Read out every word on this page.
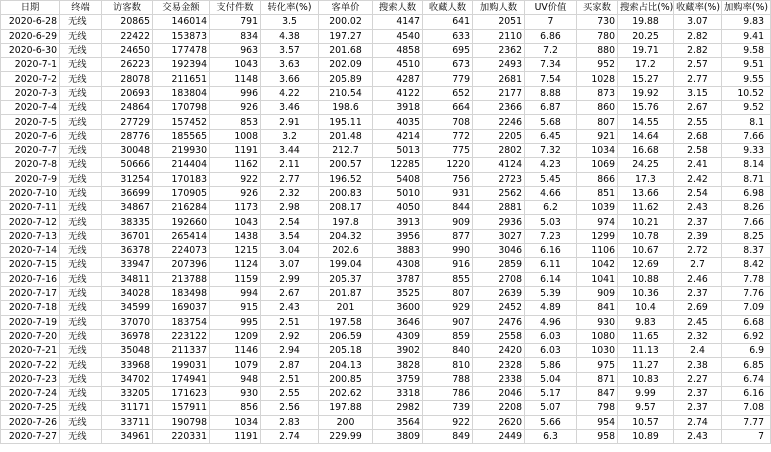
日期	终端	访客数	交易金额	支付件数	转化率(%)	客单价	搜索人数	收藏人数	加购人数	UV价值	买家数	搜索占比(%)	收藏率(%)	加购率(%)
2020-6-28	无线	20865	146014	791	3.5	200.02	4147	641	2051	7	730	19.88	3.07	9.83
2020-6-29	无线	22422	153873	834	4.38	197.27	4540	633	2110	6.86	780	20.25	2.82	9.41
2020-6-30	无线	24650	177478	963	3.57	201.68	4858	695	2362	7.2	880	19.71	2.82	9.58
2020-7-1	无线	26223	192394	1043	3.63	202.09	4510	673	2493	7.34	952	17.2	2.57	9.51
2020-7-2	无线	28078	211651	1148	3.66	205.89	4287	779	2681	7.54	1028	15.27	2.77	9.55
2020-7-3	无线	20693	183804	996	4.22	210.54	4122	652	2177	8.88	873	19.92	3.15	10.52
2020-7-4	无线	24864	170798	926	3.46	198.6	3918	664	2366	6.87	860	15.76	2.67	9.52
2020-7-5	无线	27729	157452	853	2.91	195.11	4035	708	2246	5.68	807	14.55	2.55	8.1
2020-7-6	无线	28776	185565	1008	3.2	201.48	4214	772	2205	6.45	921	14.64	2.68	7.66
2020-7-7	无线	30048	219930	1191	3.44	212.7	5013	775	2802	7.32	1034	16.68	2.58	9.33
2020-7-8	无线	50666	214404	1162	2.11	200.57	12285	1220	4124	4.23	1069	24.25	2.41	8.14
2020-7-9	无线	31254	170183	922	2.77	196.52	5408	756	2723	5.45	866	17.3	2.42	8.71
2020-7-10	无线	36699	170905	926	2.32	200.83	5010	931	2562	4.66	851	13.66	2.54	6.98
2020-7-11	无线	34867	216284	1173	2.98	208.17	4050	844	2881	6.2	1039	11.62	2.43	8.26
2020-7-12	无线	38335	192660	1043	2.54	197.8	3913	909	2936	5.03	974	10.21	2.37	7.66
2020-7-13	无线	36701	265414	1438	3.54	204.32	3956	877	3027	7.23	1299	10.78	2.39	8.25
2020-7-14	无线	36378	224073	1215	3.04	202.6	3883	990	3046	6.16	1106	10.67	2.72	8.37
2020-7-15	无线	33947	207396	1124	3.07	199.04	4308	916	2859	6.11	1042	12.69	2.7	8.42
2020-7-16	无线	34811	213788	1159	2.99	205.37	3787	855	2708	6.14	1041	10.88	2.46	7.78
2020-7-17	无线	34028	183498	994	2.67	201.87	3525	807	2639	5.39	909	10.36	2.37	7.76
2020-7-18	无线	34599	169037	915	2.43	201	3600	929	2452	4.89	841	10.4	2.69	7.09
2020-7-19	无线	37070	183754	995	2.51	197.58	3646	907	2476	4.96	930	9.83	2.45	6.68
2020-7-20	无线	36978	223122	1209	2.92	206.59	4309	859	2558	6.03	1080	11.65	2.32	6.92
2020-7-21	无线	35048	211337	1146	2.94	205.18	3902	840	2420	6.03	1030	11.13	2.4	6.9
2020-7-22	无线	33968	199031	1079	2.87	204.13	3828	810	2328	5.86	975	11.27	2.38	6.85
2020-7-23	无线	34702	174941	948	2.51	200.85	3759	788	2338	5.04	871	10.83	2.27	6.74
2020-7-24	无线	33205	171623	930	2.55	202.62	3318	786	2046	5.17	847	9.99	2.37	6.16
2020-7-25	无线	31171	157911	856	2.56	197.88	2982	739	2208	5.07	798	9.57	2.37	7.08
2020-7-26	无线	33711	190798	1034	2.83	200	3564	922	2620	5.66	954	10.57	2.74	7.77
2020-7-27	无线	34961	220331	1191	2.74	229.99	3809	849	2449	6.3	958	10.89	2.43	7
